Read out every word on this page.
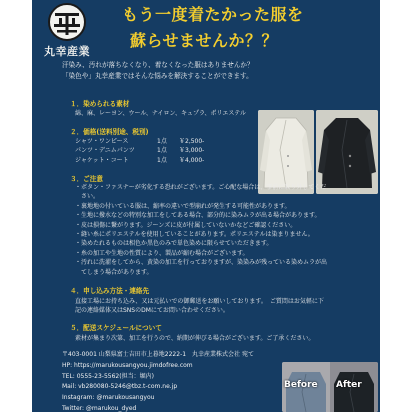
丸幸産業
もう一度着たかった服を
蘇らせませんか？？
汗染み、汚れが落ちなくなり、着なくなった服はありませんか？
「染色や」丸幸産業ではそんな悩みを解決することができます。
１．染められる素材
綿、麻、レーヨン、ウール、ナイロン、キュプラ、ポリエステル
２．価格(送料別途、税別)
シャツ・ワンピース	1点	￥2,500-
パンツ・デニムパンツ	1点	￥3,000-
ジャケット・コート	1点	￥4,000-
３．ご注意
・ボタン・ファスナーが劣化する恐れがございます。ご心配な場合は、事前に取り外してくだ
　さい。
・裏地地の付いている服は、縮率の違いで型崩れが発生する可能性があります。
・生地に撥水などの特別な加工をしてある場合、部分的に染みムラが出る場合があります。
・皮は損傷に繋がります。ジーンズに皮が付属していないかなどご確認ください。
・縫い糸にポリエステルを使用していることがあります。ポリエステルは染まりません。
・染めたれるものは相色か黒色のみで単色染めに限らせていただきます。
・糸の加工や生地の性質により、製品が縮む場合がございます。
・汚れに洗濯をしてから、黄染の加工を行っておりますが、染染みが残っている染めムラが出
　てしまう場合があります。
４．申し込み方法・連絡先
直接工場にお持ち込み、又は元払いでの御郵送をお願いしております。　ご質問はお気軽に下
記の連絡媒体又はSNSのDMにてお問い合わせください。
５．配送スケジュールについて
素材が集まり次第、加工を行うので、納期が伸びる場合がございます。ご了承ください。
〒403-0001 山梨県富士吉田市上暮地2222-1　丸幸産業株式会社 宛て
HP: https://marukousangyou.jimdofree.com
TEL: 0555-23-5562(担当：堀内)
Mail: vb280080-5246@tbz.t-com.ne.jp
Instagram: @marukousangyou
Twitter: @marukou_dyed
Before After
